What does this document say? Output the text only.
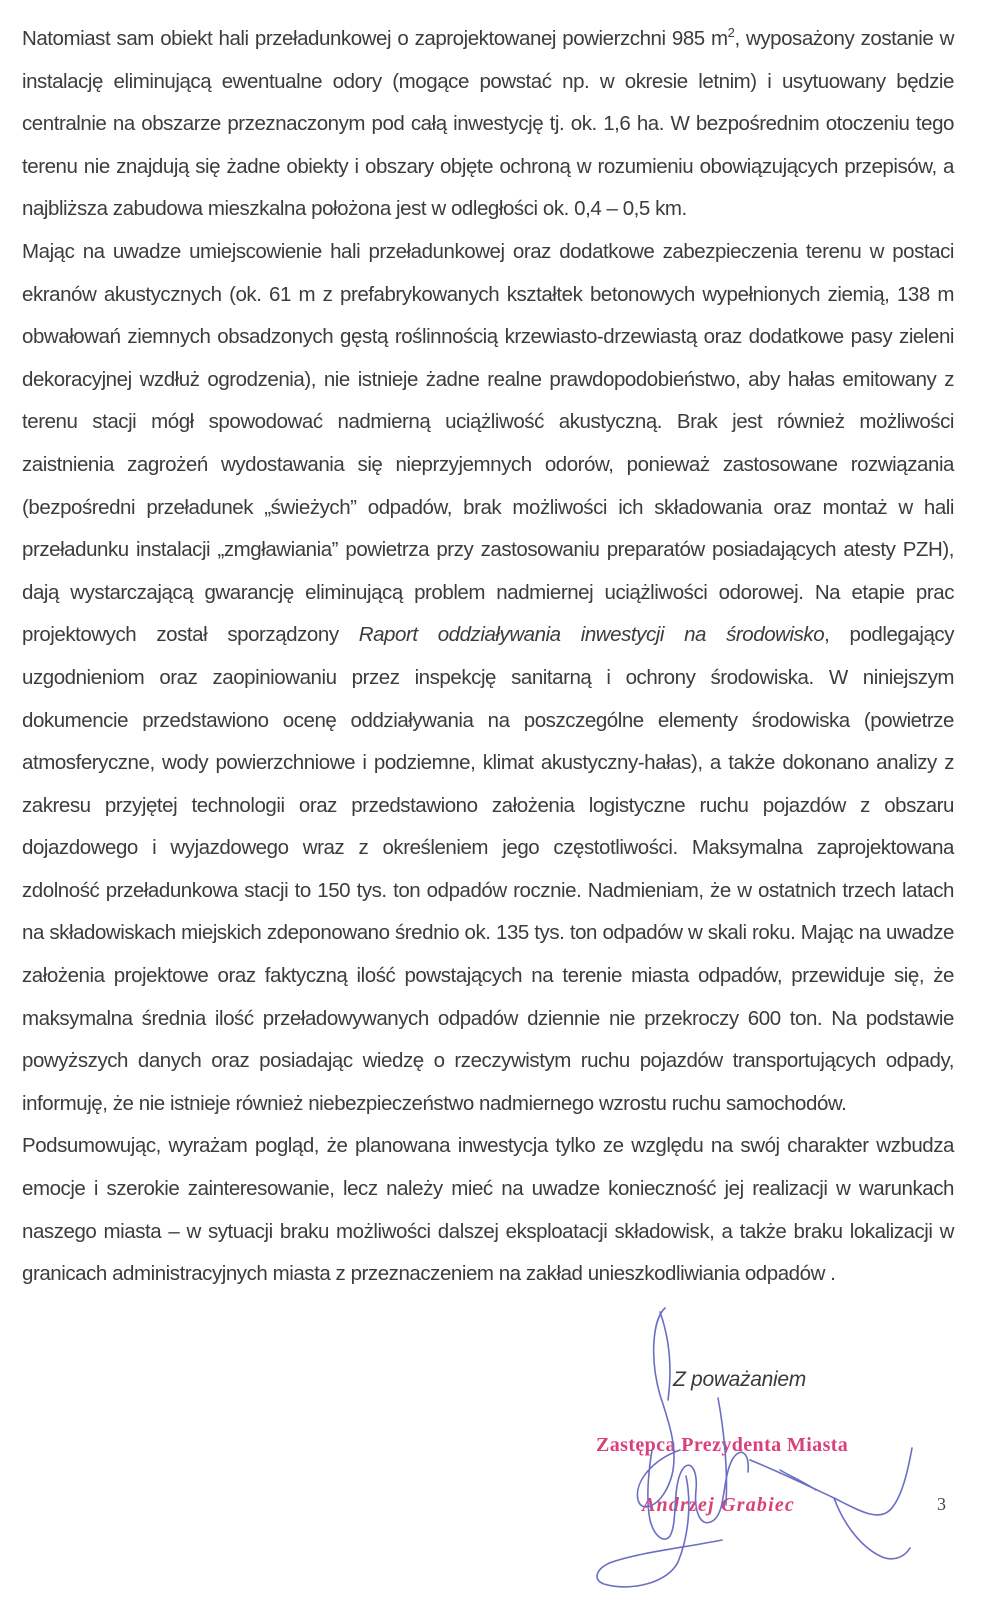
Natomiast sam obiekt hali przeładunkowej o zaprojektowanej powierzchni 985 $m^2$, wyposażony zostanie w instalację eliminującą ewentualne odory (mogące powstać np. w okresie letnim) i usytuowany będzie centralnie na obszarze przeznaczonym pod całą inwestycję tj. ok. 1,6 ha. W bezpośrednim otoczeniu tego terenu nie znajdują się żadne obiekty i obszary objęte ochroną w rozumieniu obowiązujących przepisów, a najbliższa zabudowa mieszkalna położona jest w odległości ok. 0,4 – 0,5 km.

Mając na uwadze umiejscowienie hali przeładunkowej oraz dodatkowe zabezpieczenia terenu w postaci ekranów akustycznych (ok. 61 m z prefabrykowanych kształtek betonowych wypełnionych ziemią, 138 m obwałowań ziemnych obsadzonych gęstą roślinnością krzewiasto-drzewiastą oraz dodatkowe pasy zieleni dekoracyjnej wzdłuż ogrodzenia), nie istnieje żadne realne prawdopodobieństwo, aby hałas emitowany z terenu stacji mógł spowodować nadmierną uciążliwość akustyczną. Brak jest również możliwości zaistnienia zagrożeń wydostawania się nieprzyjemnych odorów, ponieważ zastosowane rozwiązania (bezpośredni przeładunek „świeżych” odpadów, brak możliwości ich składowania oraz montaż w hali przeładunku instalacji „zmgławiania” powietrza przy zastosowaniu preparatów posiadających atesty PZH), dają wystarczającą gwarancję eliminującą problem nadmiernej uciążliwości odorowej. Na etapie prac projektowych został sporządzony Raport oddziaływania inwestycji na środowisko, podlegający uzgodnieniom oraz zaopiniowaniu przez inspekcję sanitarną i ochrony środowiska. W niniejszym dokumencie przedstawiono ocenę oddziaływania na poszczególne elementy środowiska (powietrze atmosferyczne, wody powierzchniowe i podziemne, klimat akustyczny-hałas), a także dokonano analizy z zakresu przyjętej technologii oraz przedstawiono założenia logistyczne ruchu pojazdów z obszaru dojazdowego i wyjazdowego wraz z określeniem jego częstotliwości. Maksymalna zaprojektowana zdolność przeładunkowa stacji to 150 tys. ton odpadów rocznie. Nadmieniam, że w ostatnich trzech latach na składowiskach miejskich zdeponowano średnio ok. 135 tys. ton odpadów w skali roku. Mając na uwadze założenia projektowe oraz faktyczną ilość powstających na terenie miasta odpadów, przewiduje się, że maksymalna średnia ilość przeładowywanych odpadów dziennie nie przekroczy 600 ton. Na podstawie powyższych danych oraz posiadając wiedzę o rzeczywistym ruchu pojazdów transportujących odpady, informuję, że nie istnieje również niebezpieczeństwo nadmiernego wzrostu ruchu samochodów.

Podsumowując, wyrażam pogląd, że planowana inwestycja tylko ze względu na swój charakter wzbudza emocje i szerokie zainteresowanie, lecz należy mieć na uwadze konieczność jej realizacji w warunkach naszego miasta – w sytuacji braku możliwości dalszej eksploatacji składowisk, a także braku lokalizacji w granicach administracyjnych miasta z przeznaczeniem na zakład unieszkodliwiania odpadów .

Z poważaniem
Zastępca Prezydenta Miasta
Andrzej Grabiec	3
